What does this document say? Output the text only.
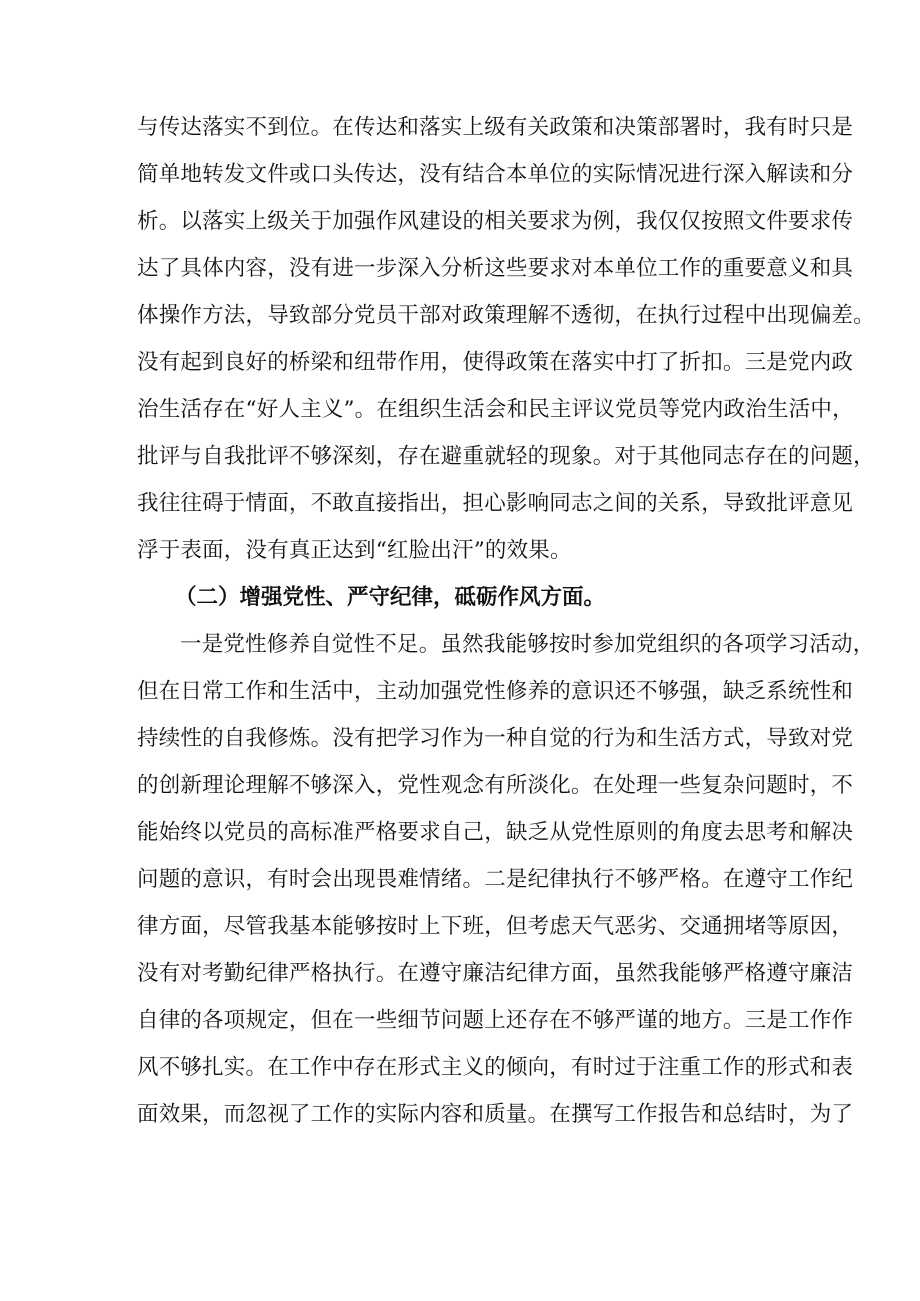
与传达落实不到位。在传达和落实上级有关政策和决策部署时，我有时只是
简单地转发文件或口头传达，没有结合本单位的实际情况进行深入解读和分
析。以落实上级关于加强作风建设的相关要求为例，我仅仅按照文件要求传
达了具体内容，没有进一步深入分析这些要求对本单位工作的重要意义和具
体操作方法，导致部分党员干部对政策理解不透彻，在执行过程中出现偏差。
没有起到良好的桥梁和纽带作用，使得政策在落实中打了折扣。三是党内政
治生活存在“好人主义”。在组织生活会和民主评议党员等党内政治生活中，
批评与自我批评不够深刻，存在避重就轻的现象。对于其他同志存在的问题，
我往往碍于情面，不敢直接指出，担心影响同志之间的关系，导致批评意见
浮于表面，没有真正达到“红脸出汗”的效果。
（二）增强党性、严守纪律，砥砺作风方面。
一是党性修养自觉性不足。虽然我能够按时参加党组织的各项学习活动，
但在日常工作和生活中，主动加强党性修养的意识还不够强，缺乏系统性和
持续性的自我修炼。没有把学习作为一种自觉的行为和生活方式，导致对党
的创新理论理解不够深入，党性观念有所淡化。在处理一些复杂问题时，不
能始终以党员的高标准严格要求自己，缺乏从党性原则的角度去思考和解决
问题的意识，有时会出现畏难情绪。二是纪律执行不够严格。在遵守工作纪
律方面，尽管我基本能够按时上下班，但考虑天气恶劣、交通拥堵等原因，
没有对考勤纪律严格执行。在遵守廉洁纪律方面，虽然我能够严格遵守廉洁
自律的各项规定，但在一些细节问题上还存在不够严谨的地方。三是工作作
风不够扎实。在工作中存在形式主义的倾向，有时过于注重工作的形式和表
面效果，而忽视了工作的实际内容和质量。在撰写工作报告和总结时，为了
